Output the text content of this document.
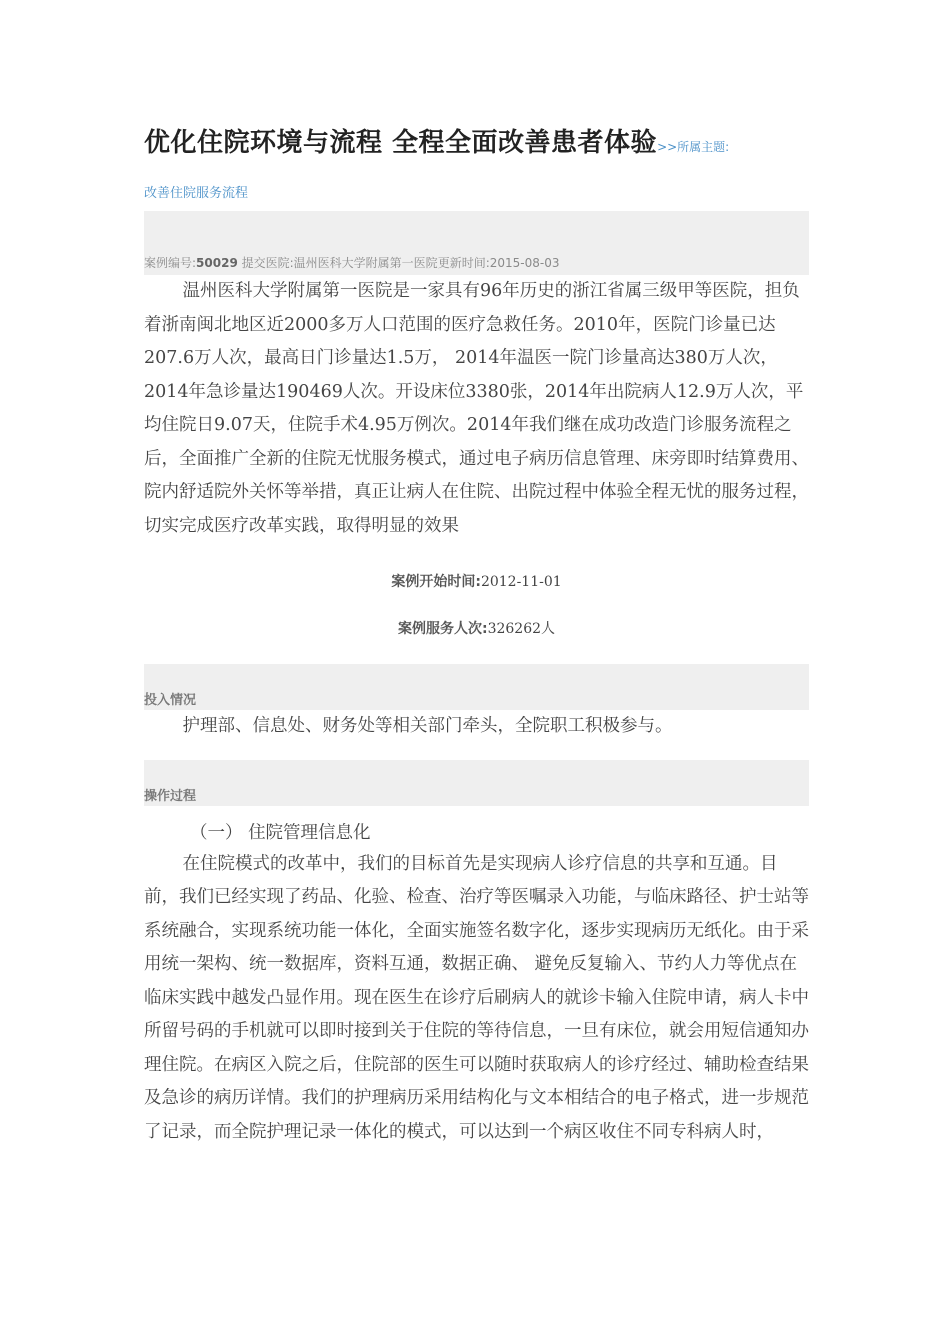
优化住院环境与流程 全程全面改善患者体验>>所属主题:
改善住院服务流程
案例编号:50029 提交医院:温州医科大学附属第一医院更新时间:2015-08-03

温州医科大学附属第一医院是一家具有96年历史的浙江省属三级甲等医院，担负着浙南闽北地区近2000多万人口范围的医疗急救任务。2010年，医院门诊量已达207.6万人次，最高日门诊量达1.5万， 2014年温医一院门诊量高达380万人次，2014年急诊量达190469人次。开设床位3380张，2014年出院病人12.9万人次，平均住院日9.07天，住院手术4.95万例次。2014年我们继在成功改造门诊服务流程之后，全面推广全新的住院无忧服务模式，通过电子病历信息管理、床旁即时结算费用、院内舒适院外关怀等举措，真正让病人在住院、出院过程中体验全程无忧的服务过程，切实完成医疗改革实践，取得明显的效果

案例开始时间:2012-11-01
案例服务人次:326262人
投入情况

护理部、信息处、财务处等相关部门牵头，全院职工积极参与。

操作过程
（一） 住院管理信息化

在住院模式的改革中，我们的目标首先是实现病人诊疗信息的共享和互通。目前，我们已经实现了药品、化验、检查、治疗等医嘱录入功能，与临床路径、护士站等系统融合，实现系统功能一体化，全面实施签名数字化，逐步实现病历无纸化。由于采用统一架构、统一数据库，资料互通，数据正确、 避免反复输入、节约人力等优点在临床实践中越发凸显作用。现在医生在诊疗后刷病人的就诊卡输入住院申请，病人卡中所留号码的手机就可以即时接到关于住院的等待信息，一旦有床位，就会用短信通知办理住院。在病区入院之后，住院部的医生可以随时获取病人的诊疗经过、辅助检查结果及急诊的病历详情。我们的护理病历采用结构化与文本相结合的电子格式，进一步规范了记录，而全院护理记录一体化的模式，可以达到一个病区收住不同专科病人时，
